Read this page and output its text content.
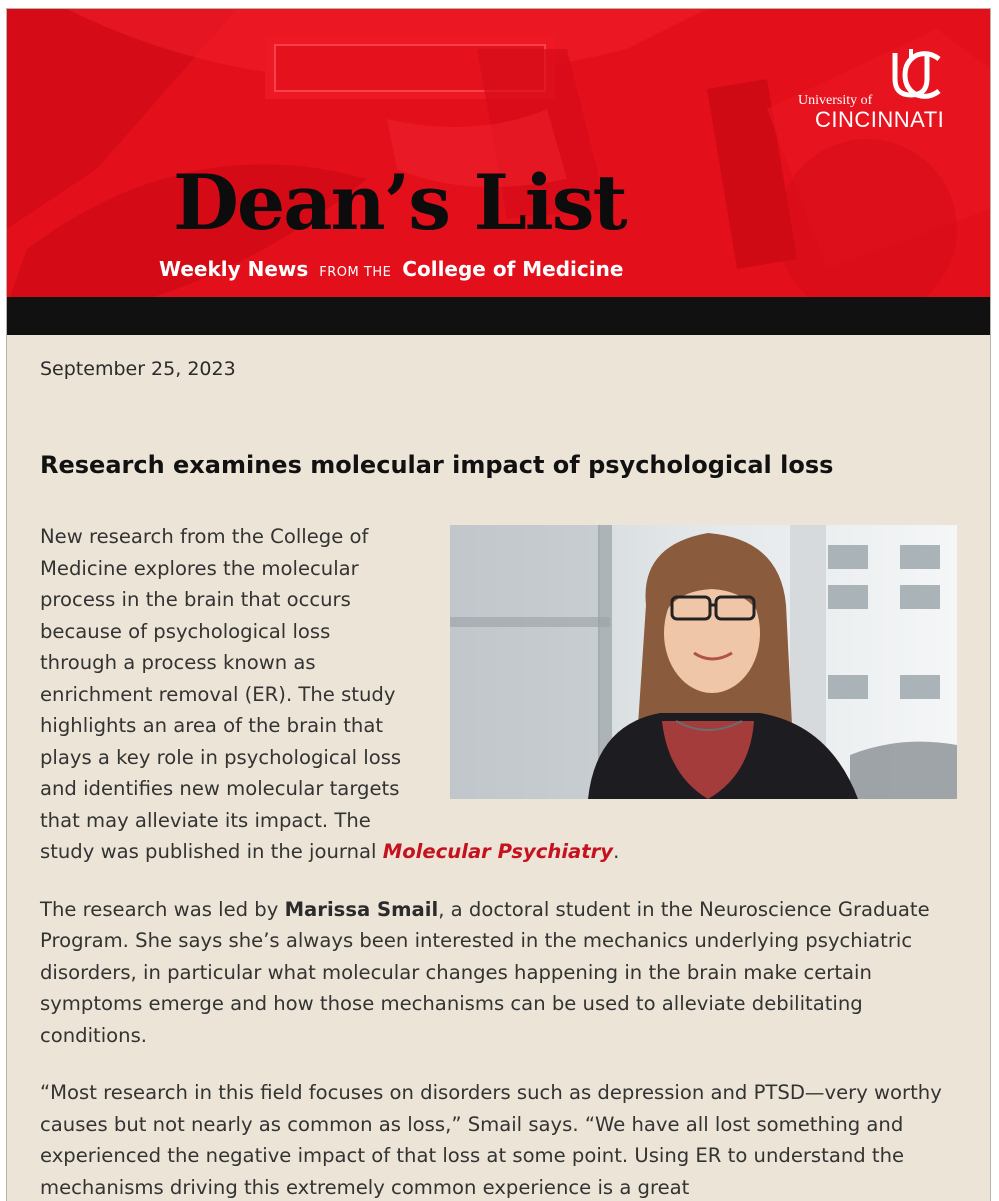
University of
CINCINNATI
Dean’s List
Weekly News FROM THE College of Medicine
September 25, 2023
Research examines molecular impact of psychological loss

New research from the College of Medicine explores the molecular process in the brain that occurs because of psychological loss through a process known as enrichment removal (ER). The study highlights an area of the brain that plays a key role in psychological loss and identifies new molecular targets that may alleviate its impact. The study was published in the journal Molecular Psychiatry.

The research was led by Marissa Smail, a doctoral student in the Neuroscience Graduate Program. She says she’s always been interested in the mechanics underlying psychiatric disorders, in particular what molecular changes happening in the brain make certain symptoms emerge and how those mechanisms can be used to alleviate debilitating conditions.

“Most research in this field focuses on disorders such as depression and PTSD—very worthy causes but not nearly as common as loss,” Smail says. “We have all lost something and experienced the negative impact of that loss at some point. Using ER to understand the mechanisms driving this extremely common experience is a great
